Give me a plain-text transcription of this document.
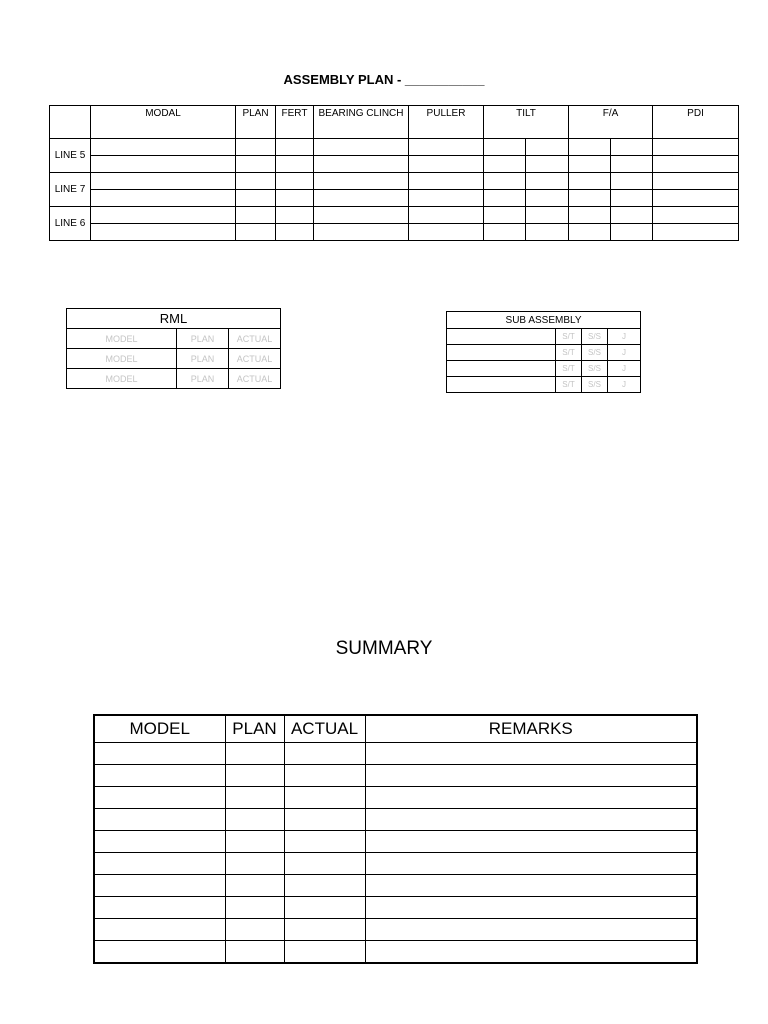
ASSEMBLY PLAN - ___________
	MODAL	PLAN	FERT	BEARING CLINCH	PULLER	TILT		F/A		PDI
LINE 5										

LINE 7										

LINE 6										

RML		
MODEL	PLAN	ACTUAL
MODEL	PLAN	ACTUAL
MODEL	PLAN	ACTUAL
SUB ASSEMBLY			
	S/T	S/S	J
	S/T	S/S	J
	S/T	S/S	J
	S/T	S/S	J
SUMMARY
MODEL	PLAN	ACTUAL	REMARKS
